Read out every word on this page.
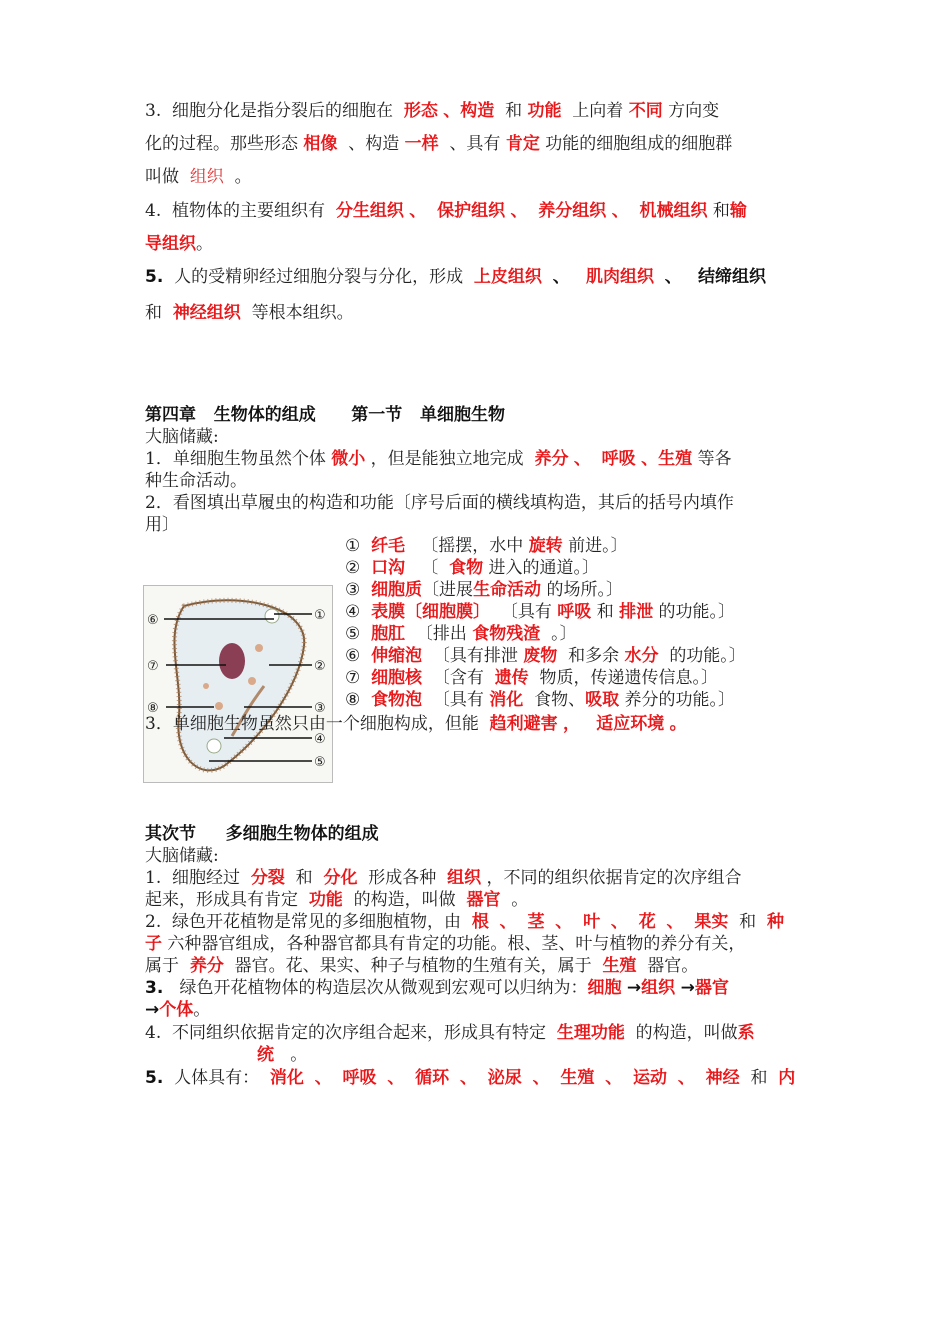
3. 细胞分化是指分裂后的细胞在 形态 、构造 和 功能 上向着 不同 方向变
化的过程。那些形态 相像 、构造 一样 、具有 肯定 功能的细胞组成的细胞群
叫做 组织 。
4. 植物体的主要组织有 分生组织 、 保护组织 、 养分组织 、 机械组织 和输
导组织。
5. 人的受精卵经过细胞分裂与分化，形成 上皮组织 、 肌肉组织 、 结缔组织
和 神经组织 等根本组织。
第四章 生物体的组成 第一节 单细胞生物
大脑储藏:
1．单细胞生物虽然个体 微小 ，但是能独立地完成 养分 、 呼吸 、生殖 等各
种生命活动。
2．看图填出草履虫的构造和功能〔序号后面的横线填构造，其后的括号内填作
用〕
⑥
⑦
⑧
①
②
③
④
⑤
① 纤毛 〔摇摆，水中 旋转 前进。〕
② 口沟 〔 食物 进入的通道。〕
③ 细胞质〔进展生命活动 的场所。〕
④ 表膜〔细胞膜〕 〔具有 呼吸 和 排泄 的功能。〕
⑤ 胞肛 〔排出 食物残渣 。〕
⑥ 伸缩泡 〔具有排泄 废物 和多余 水分 的功能。〕
⑦ 细胞核 〔含有 遗传 物质，传递遗传信息。〕
⑧ 食物泡 〔具有 消化 食物、吸取 养分的功能。〕
3．单细胞生物虽然只由一个细胞构成，但能 趋利避害 ， 适应环境 。
其次节 多细胞生物体的组成
大脑储藏:
1. 细胞经过 分裂 和 分化 形成各种 组织 ，不同的组织依据肯定的次序组合
起来，形成具有肯定 功能 的构造，叫做 器官 。
2. 绿色开花植物是常见的多细胞植物，由 根 、 茎 、 叶 、 花 、 果实 和 种
子 六种器官组成，各种器官都具有肯定的功能。根、茎、叶与植物的养分有关，
属于 养分 器官。花、果实、种子与植物的生殖有关，属于 生殖 器官。
3. 绿色开花植物体的构造层次从微观到宏观可以归纳为：细胞 →组织 →器官
→个体。
4. 不同组织依据肯定的次序组合起来，形成具有特定 生理功能 的构造，叫做系
统 。
5. 人体具有： 消化 、 呼吸 、 循环 、 泌尿 、 生殖 、 运动 、 神经 和 内
